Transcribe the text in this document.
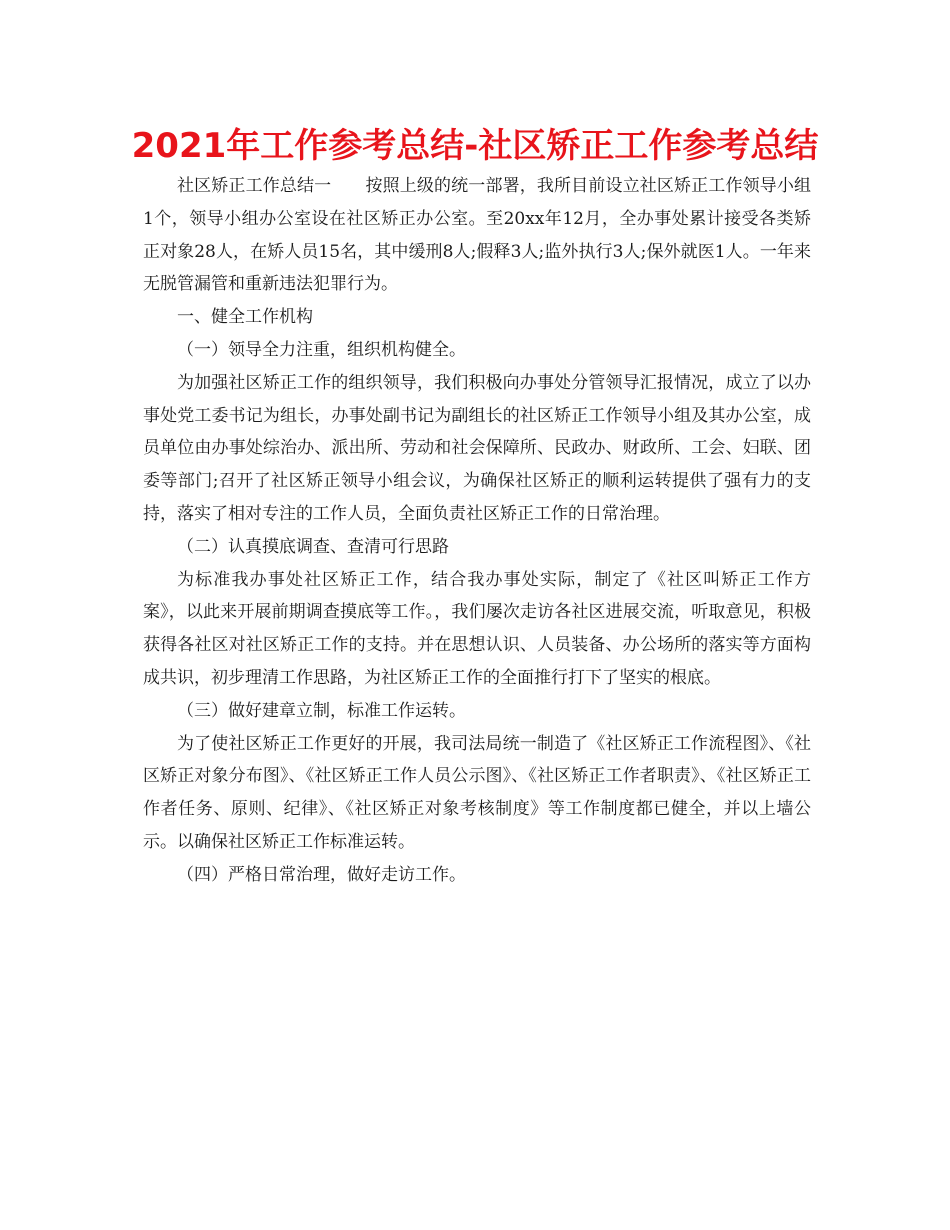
2021年工作参考总结-社区矫正工作参考总结

社区矫正工作总结一 按照上级的统一部署，我所目前设立社区矫正工作领导小组1个，领导小组办公室设在社区矫正办公室。至20xx年12月，全办事处累计接受各类矫正对象28人，在矫人员15名，其中缓刑8人;假释3人;监外执行3人;保外就医1人。一年来无脱管漏管和重新违法犯罪行为。

一、健全工作机构

（一）领导全力注重，组织机构健全。

为加强社区矫正工作的组织领导，我们积极向办事处分管领导汇报情况，成立了以办事处党工委书记为组长，办事处副书记为副组长的社区矫正工作领导小组及其办公室，成员单位由办事处综治办、派出所、劳动和社会保障所、民政办、财政所、工会、妇联、团委等部门;召开了社区矫正领导小组会议，为确保社区矫正的顺利运转提供了强有力的支持，落实了相对专注的工作人员，全面负责社区矫正工作的日常治理。

（二）认真摸底调查、查清可行思路

为标准我办事处社区矫正工作，结合我办事处实际，制定了《社区叫矫正工作方案》，以此来开展前期调查摸底等工作。，我们屡次走访各社区进展交流，听取意见，积极获得各社区对社区矫正工作的支持。并在思想认识、人员装备、办公场所的落实等方面构成共识，初步理清工作思路，为社区矫正工作的全面推行打下了坚实的根底。

（三）做好建章立制，标准工作运转。

为了使社区矫正工作更好的开展，我司法局统一制造了《社区矫正工作流程图》、《社区矫正对象分布图》、《社区矫正工作人员公示图》、《社区矫正工作者职责》、《社区矫正工作者任务、原则、纪律》、《社区矫正对象考核制度》等工作制度都已健全，并以上墙公示。以确保社区矫正工作标准运转。

（四）严格日常治理，做好走访工作。
